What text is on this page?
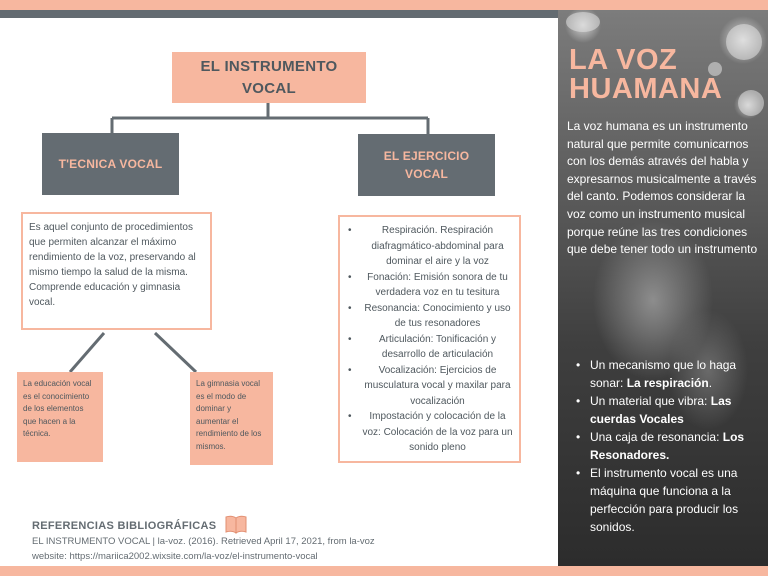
EL INSTRUMENTO
VOCAL
T'ECNICA VOCAL
EL EJERCICIO
VOCAL
Es aquel conjunto de procedimientos que permiten alcanzar el máximo rendimiento de la voz, preservando al mismo tiempo la salud de la misma. Comprende educación y gimnasia vocal.
• Respiración. Respiración diafragmático-abdominal para dominar el aire y la voz
• Fonación: Emisión sonora de tu verdadera voz en tu tesitura
• Resonancia: Conocimiento y uso de tus resonadores
• Articulación: Tonificación y desarrollo de articulación
• Vocalización: Ejercicios de musculatura vocal y maxilar para vocalización
• Impostación y colocación de la voz: Colocación de la voz para un sonido pleno
La educación vocal es el conocimiento de los elementos que hacen a la técnica.
La gimnasia vocal es el modo de dominar y aumentar el rendimiento de los mismos.
REFERENCIAS BIBLIOGRÁFICAS
EL INSTRUMENTO VOCAL | la-voz. (2016). Retrieved April 17, 2021, from la-voz
website: https://mariica2002.wixsite.com/la-voz/el-instrumento-vocal
LA VOZ
HUAMANA
La voz humana es un instrumento natural que permite comunicarnos con los demás através del habla y expresarnos musicalmente a través del canto. Podemos considerar la voz como un instrumento musical porque reúne las tres condiciones que debe tener todo un instrumento
• Un mecanismo que lo haga sonar: La respiración.
• Un material que vibra: Las cuerdas Vocales
• Una caja de resonancia: Los Resonadores.
• El instrumento vocal es una máquina que funciona a la perfección para producir los sonidos.
